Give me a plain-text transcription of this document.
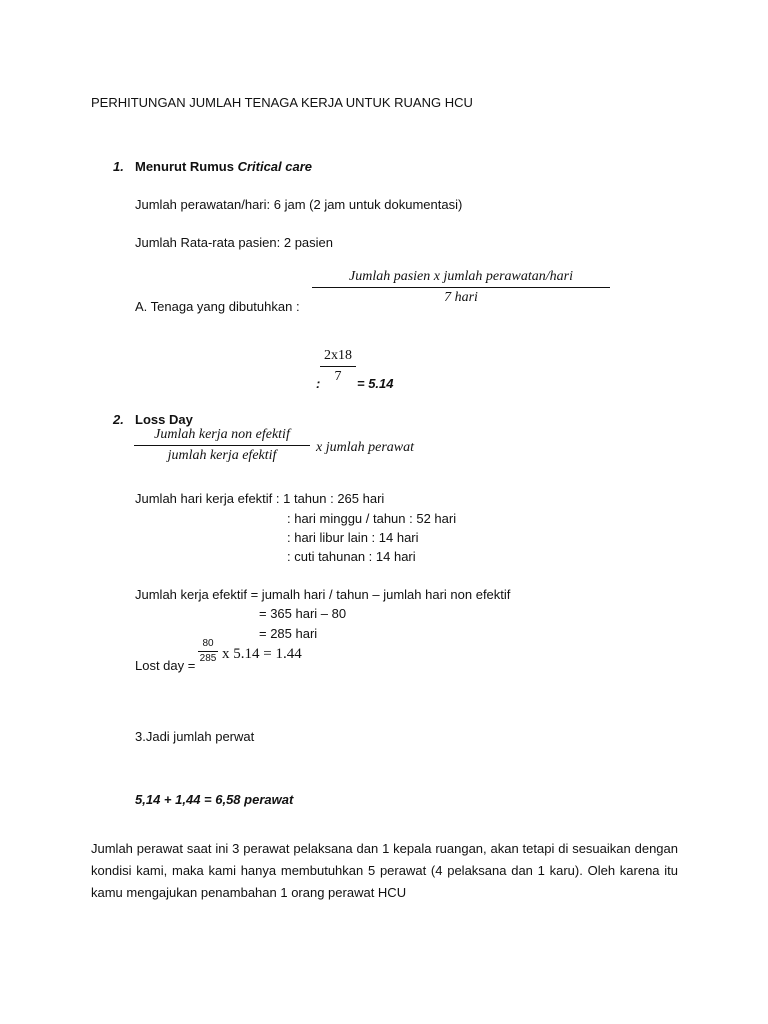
PERHITUNGAN JUMLAH TENAGA KERJA UNTUK RUANG HCU
1. Menurut Rumus Critical care
Jumlah perawatan/hari: 6 jam (2 jam untuk dokumentasi)
Jumlah Rata-rata pasien: 2 pasien
Jumlah pasien x jumlah perawatan/hari
7 hari
A. Tenaga yang dibutuhkan :
2x18
7
:	= 5.14
2. Loss Day
Jumlah kerja non efektif
jumlah kerja efektif
x jumlah perawat
Jumlah hari kerja efektif : 1 tahun : 265 hari
: hari minggu / tahun : 52 hari
: hari libur lain : 14 hari
: cuti tahunan : 14 hari
Jumlah kerja efektif = jumalh hari / tahun – jumlah hari non efektif
= 365 hari – 80
= 285 hari
Lost day =
80
285 x 5.14 = 1.44
3.Jadi jumlah perwat
5,14 + 1,44 = 6,58 perawat
Jumlah perawat saat ini 3 perawat pelaksana dan 1 kepala ruangan, akan tetapi di sesuaikan dengan kondisi kami, maka kami hanya membutuhkan 5 perawat (4 pelaksana dan 1 karu). Oleh karena itu kamu mengajukan penambahan 1 orang perawat HCU
